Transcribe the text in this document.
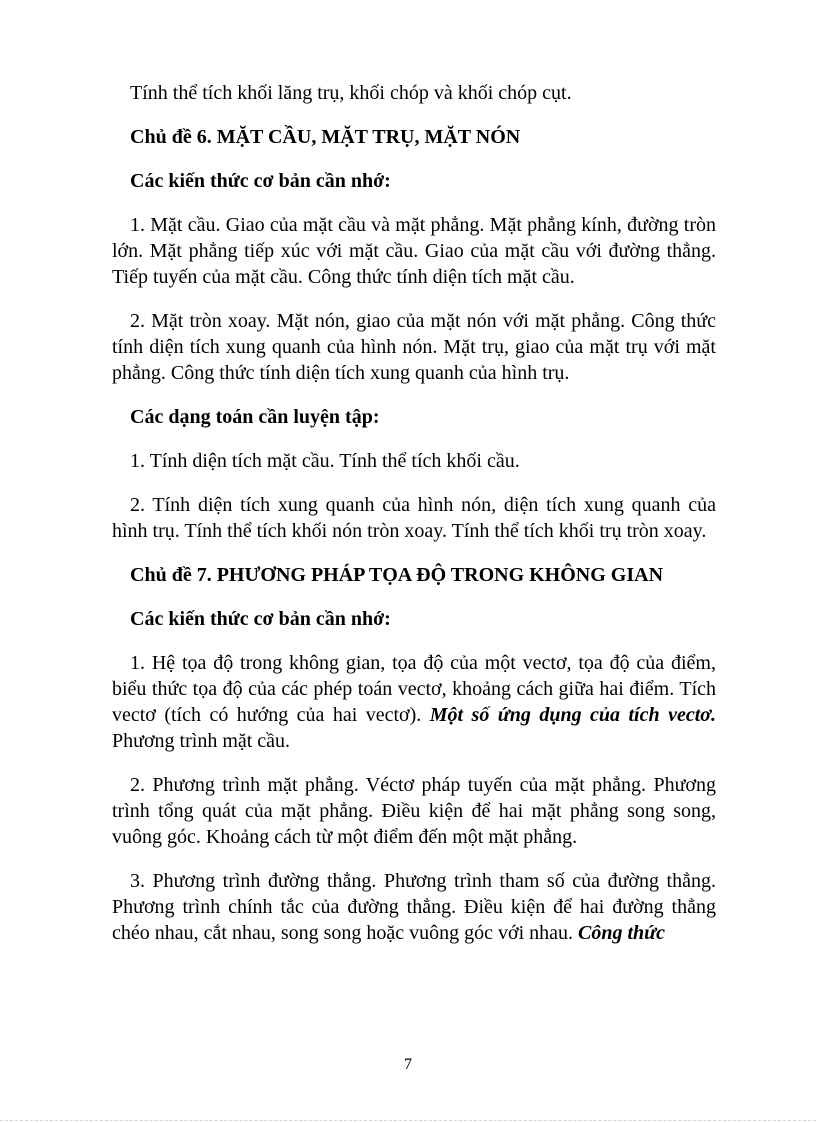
Tính thể tích khối lăng trụ, khối chóp và khối chóp cụt.

Chủ đề 6. MẶT CẦU, MẶT TRỤ, MẶT NÓN

Các kiến thức cơ bản cần nhớ:

1. Mặt cầu. Giao của mặt cầu và mặt phẳng. Mặt phẳng kính, đường tròn lớn. Mặt phẳng tiếp xúc với mặt cầu. Giao của mặt cầu với đường thẳng. Tiếp tuyến của mặt cầu. Công thức tính diện tích mặt cầu.

2. Mặt tròn xoay. Mặt nón, giao của mặt nón với mặt phẳng. Công thức tính diện tích xung quanh của hình nón. Mặt trụ, giao của mặt trụ với mặt phẳng. Công thức tính diện tích xung quanh của hình trụ.

Các dạng toán cần luyện tập:

1. Tính diện tích mặt cầu. Tính thể tích khối cầu.

2. Tính diện tích xung quanh của hình nón, diện tích xung quanh của hình trụ. Tính thể tích khối nón tròn xoay. Tính thể tích khối trụ tròn xoay.

Chủ đề 7. PHƯƠNG PHÁP TỌA ĐỘ TRONG KHÔNG GIAN

Các kiến thức cơ bản cần nhớ:

1. Hệ tọa độ trong không gian, tọa độ của một vectơ, tọa độ của điểm, biểu thức tọa độ của các phép toán vectơ, khoảng cách giữa hai điểm. Tích vectơ (tích có hướng của hai vectơ). Một số ứng dụng của tích vectơ. Phương trình mặt cầu.

2. Phương trình mặt phẳng. Véctơ pháp tuyến của mặt phẳng. Phương trình tổng quát của mặt phẳng. Điều kiện để hai mặt phẳng song song, vuông góc. Khoảng cách từ một điểm đến một mặt phẳng.

3. Phương trình đường thẳng. Phương trình tham số của đường thẳng. Phương trình chính tắc của đường thẳng. Điều kiện để hai đường thẳng chéo nhau, cắt nhau, song song hoặc vuông góc với nhau. Công thức

7
